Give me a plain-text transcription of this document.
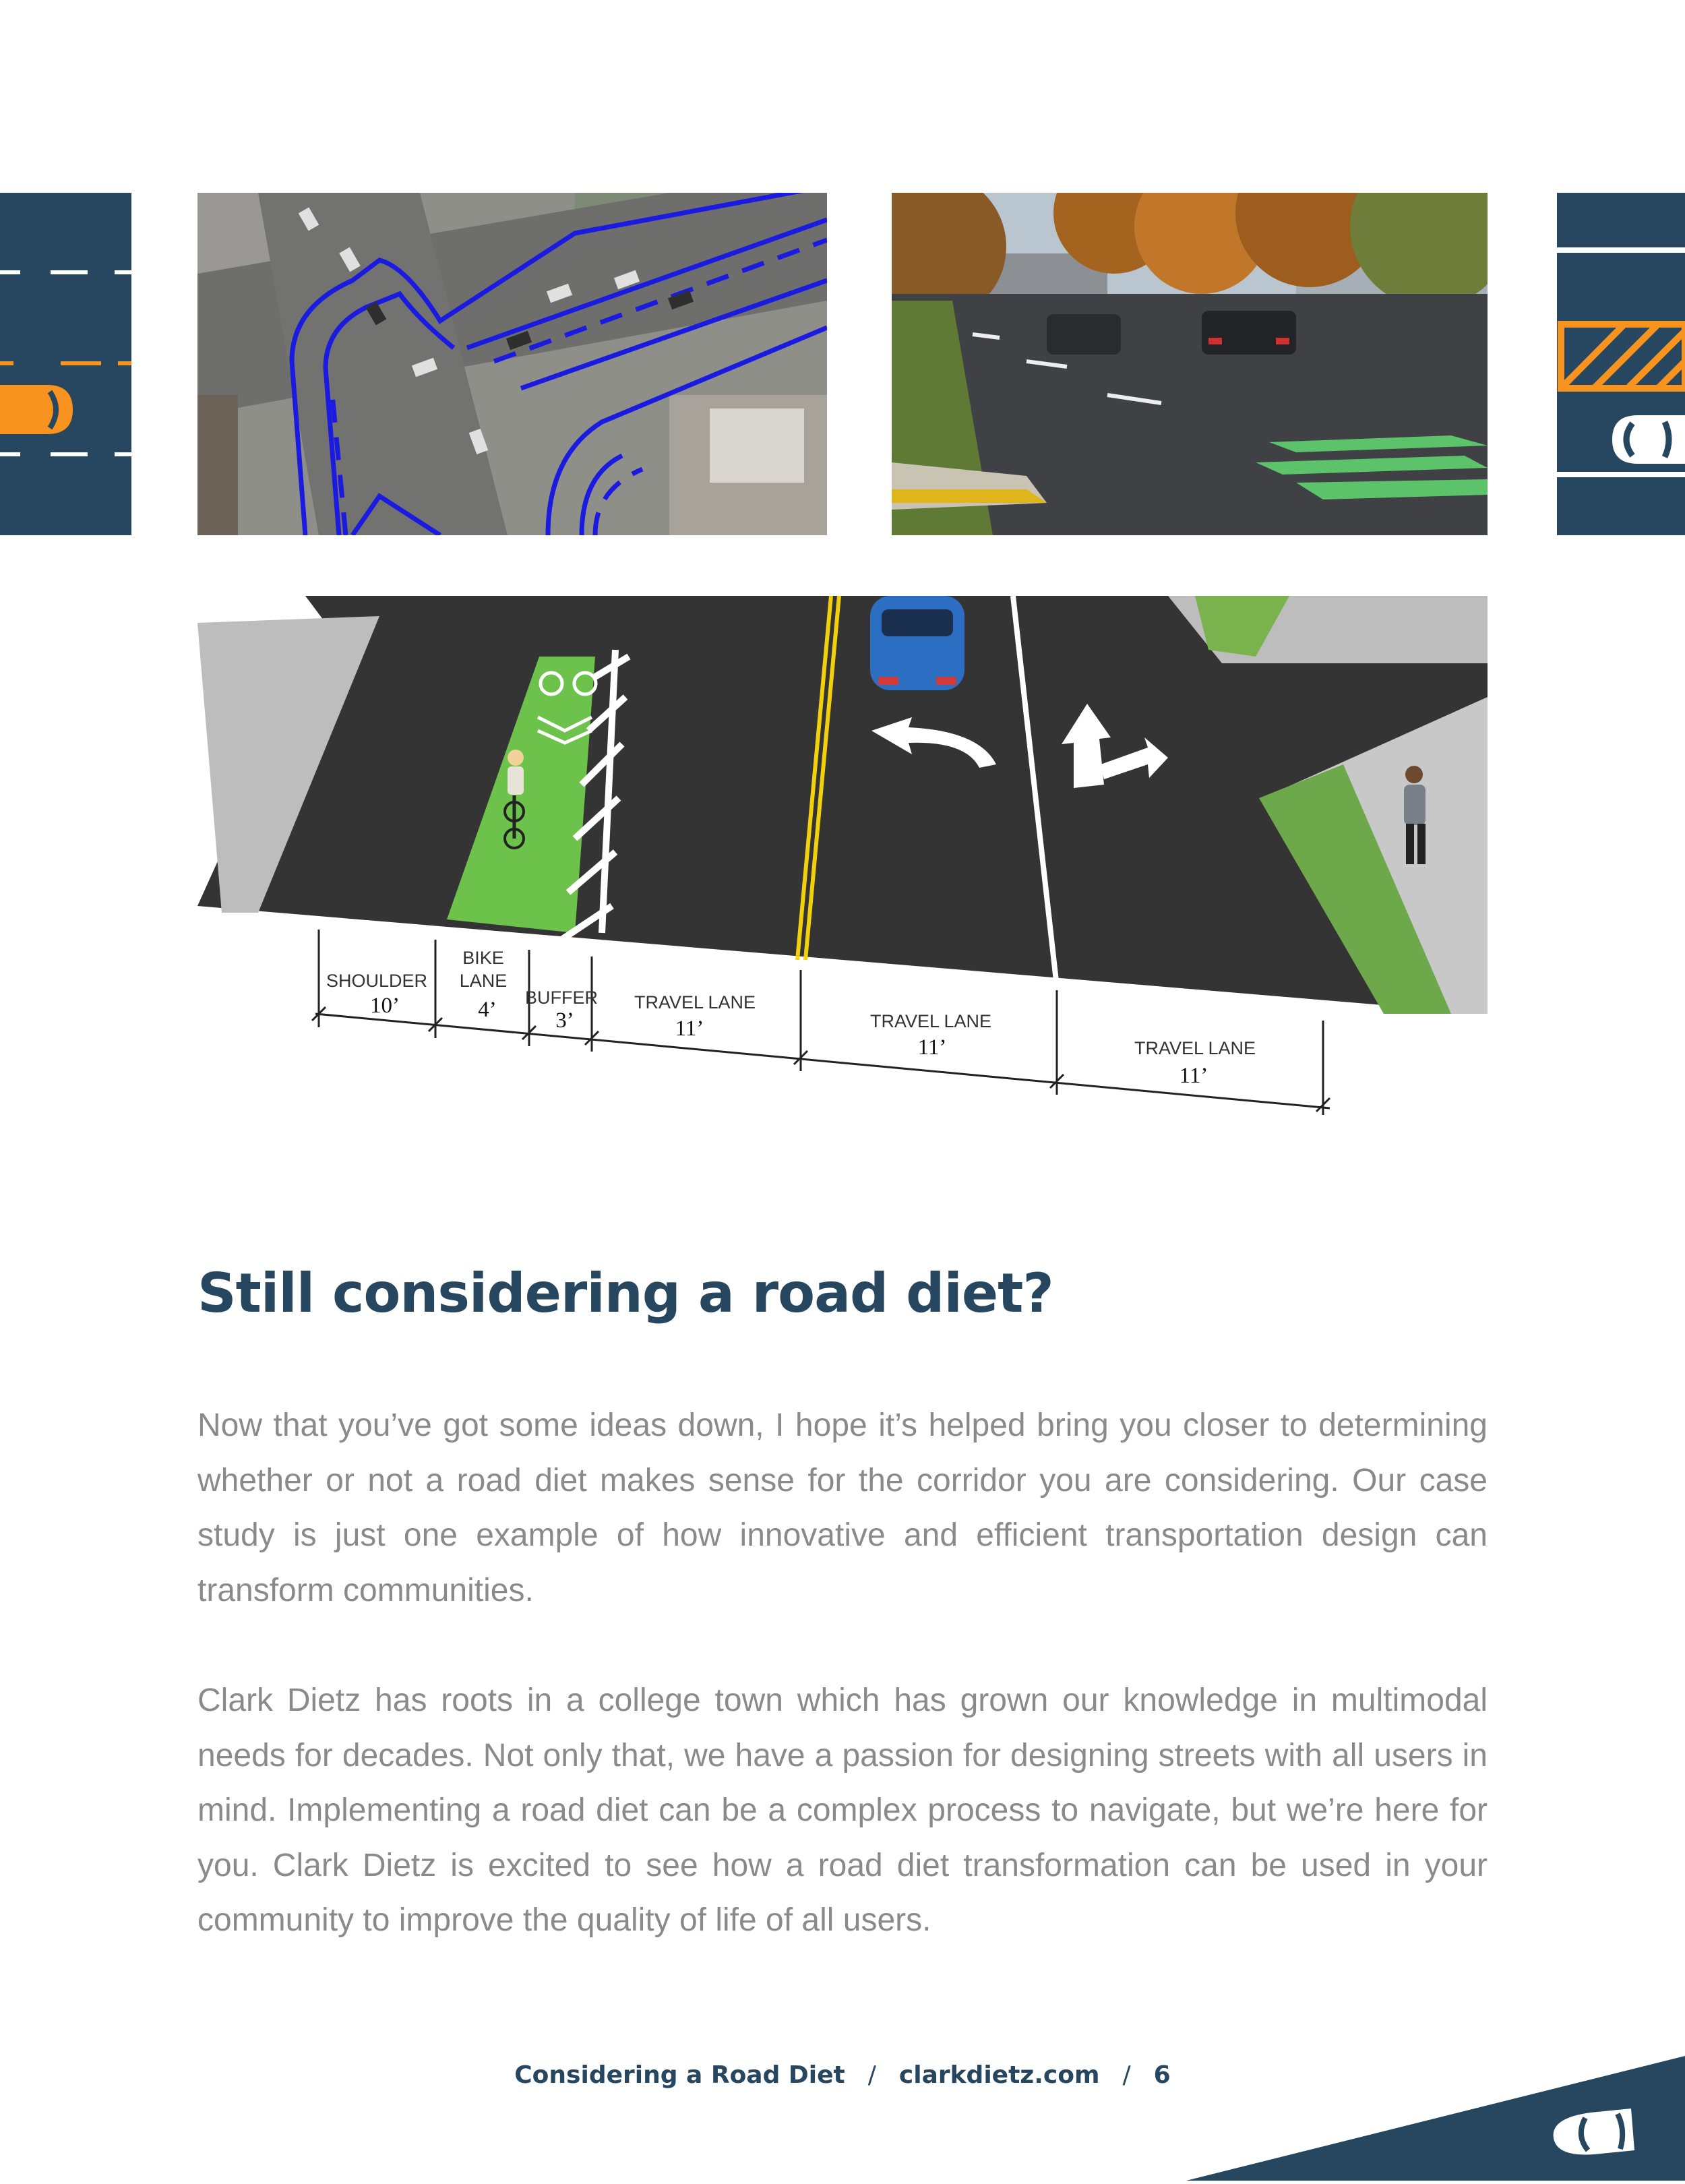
SHOULDER
10’
BIKE
LANE
4’ BUFFER
3’
TRAVEL LANE
11’	TRAVEL LANE
11’	TRAVEL LANE
11’
Still considering a road diet?

Now that you’ve got some ideas down, I hope it’s helped bring you closer to determining whether or not a road diet makes sense for the corridor you are considering. Our case study is just one example of how innovative and efficient transportation design can transform communities.

Clark Dietz has roots in a college town which has grown our knowledge in multimodal needs for decades. Not only that, we have a passion for designing streets with all users in mind. Implementing a road diet can be a complex process to navigate, but we’re here for you. Clark Dietz is excited to see how a road diet transformation can be used in your community to improve the quality of life of all users.

Considering a Road Diet / clarkdietz.com / 6
